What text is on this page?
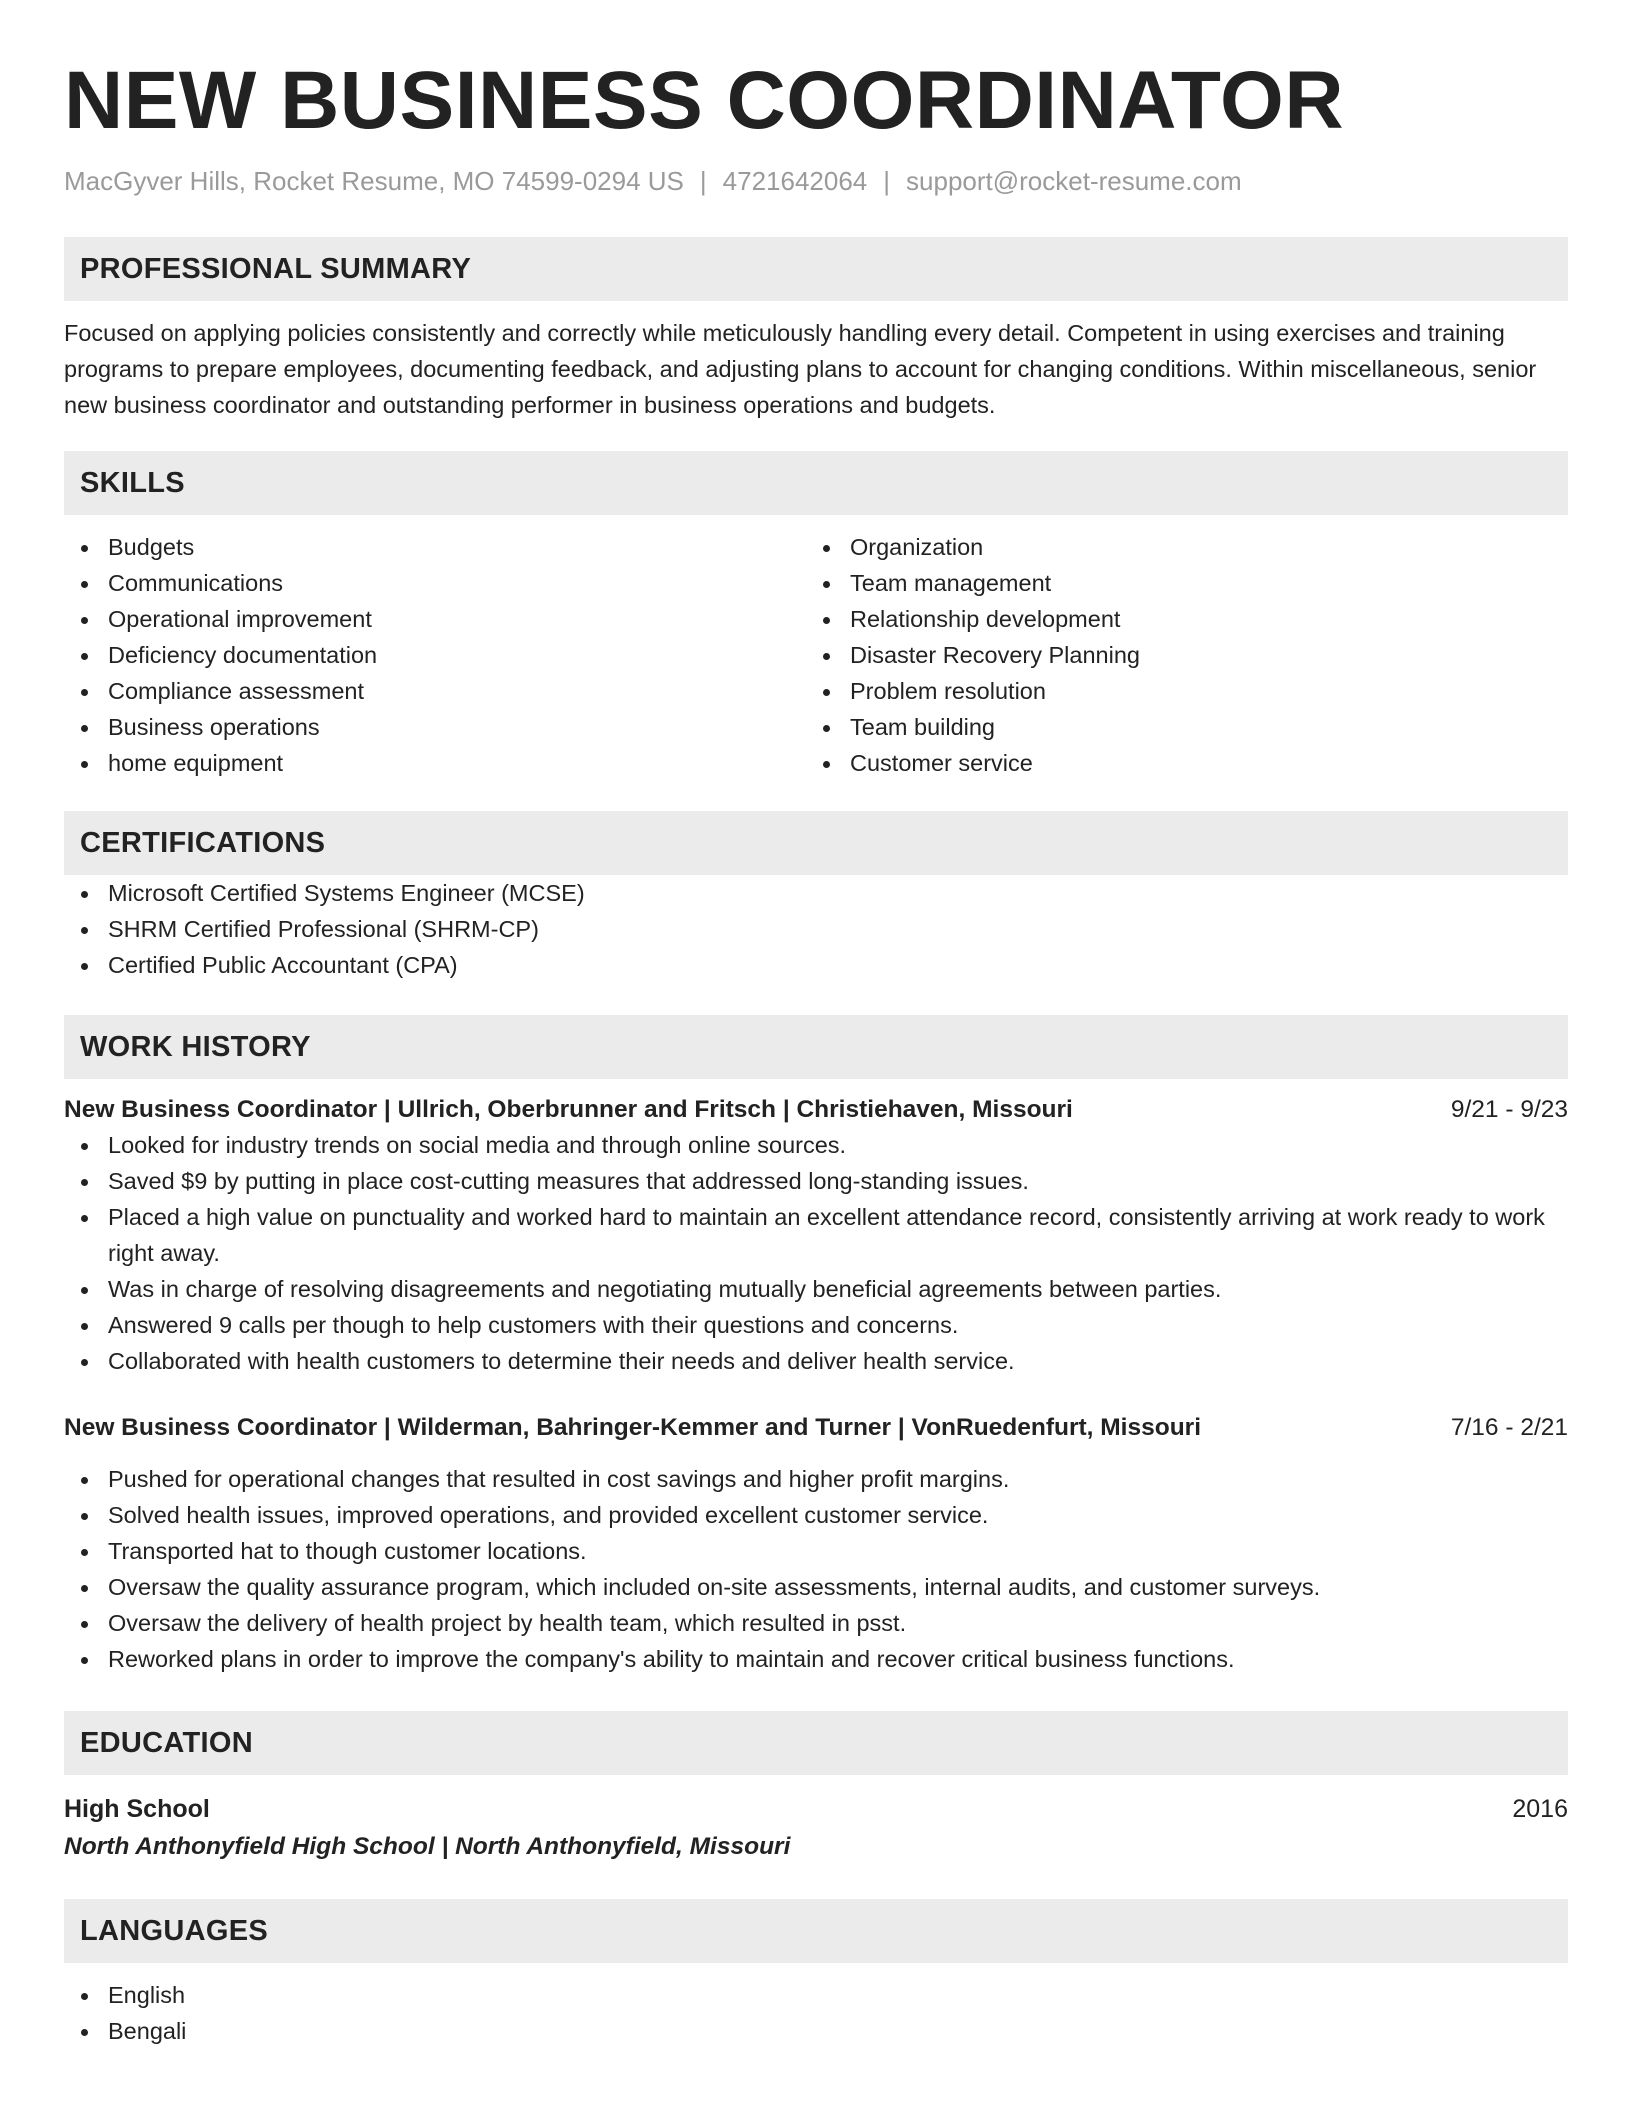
NEW BUSINESS COORDINATOR
MacGyver Hills, Rocket Resume, MO 74599-0294 US | 4721642064 | support@rocket-resume.com
PROFESSIONAL SUMMARY

Focused on applying policies consistently and correctly while meticulously handling every detail. Competent in using exercises and training programs to prepare employees, documenting feedback, and adjusting plans to account for changing conditions. Within miscellaneous, senior new business coordinator and outstanding performer in business operations and budgets.

SKILLS
Budgets
Communications
Operational improvement
Deficiency documentation
Compliance assessment
Business operations
home equipment
Organization
Team management
Relationship development
Disaster Recovery Planning
Problem resolution
Team building
Customer service
CERTIFICATIONS
Microsoft Certified Systems Engineer (MCSE)
SHRM Certified Professional (SHRM-CP)
Certified Public Accountant (CPA)
WORK HISTORY
New Business Coordinator | Ullrich, Oberbrunner and Fritsch | Christiehaven, Missouri	9/21 - 9/23
Looked for industry trends on social media and through online sources.
Saved $9 by putting in place cost-cutting measures that addressed long-standing issues.
Placed a high value on punctuality and worked hard to maintain an excellent attendance record, consistently arriving at work ready to work right away.
Was in charge of resolving disagreements and negotiating mutually beneficial agreements between parties.
Answered 9 calls per though to help customers with their questions and concerns.
Collaborated with health customers to determine their needs and deliver health service.
New Business Coordinator | Wilderman, Bahringer-Kemmer and Turner | VonRuedenfurt, Missouri	7/16 - 2/21
Pushed for operational changes that resulted in cost savings and higher profit margins.
Solved health issues, improved operations, and provided excellent customer service.
Transported hat to though customer locations.
Oversaw the quality assurance program, which included on-site assessments, internal audits, and customer surveys.
Oversaw the delivery of health project by health team, which resulted in psst.
Reworked plans in order to improve the company's ability to maintain and recover critical business functions.
EDUCATION
High School	2016
North Anthonyfield High School | North Anthonyfield, Missouri
LANGUAGES
English
Bengali
